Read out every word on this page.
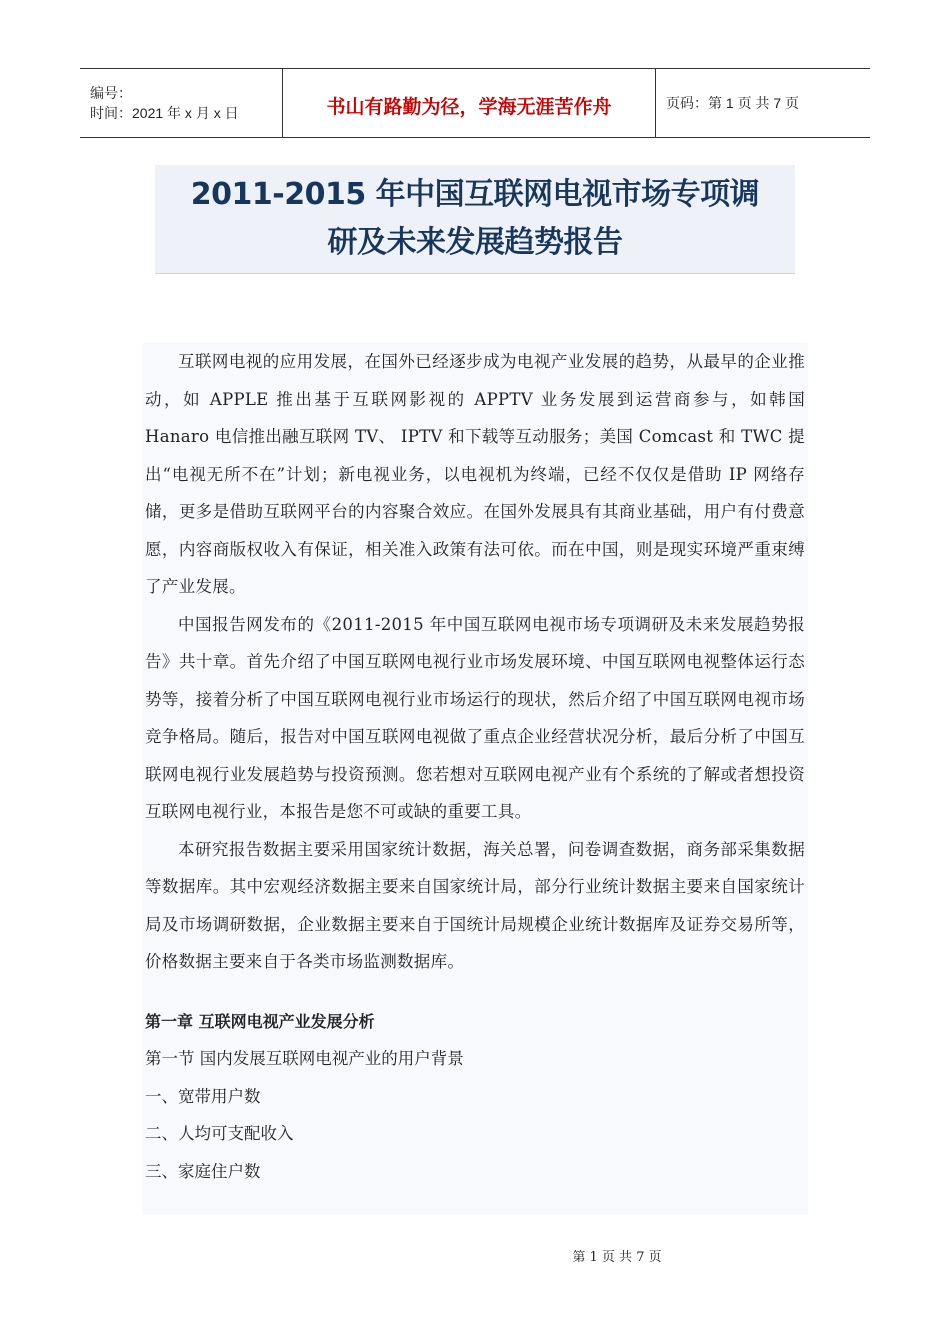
编号：
时间：2021 年 x 月 x 日	书山有路勤为径，学海无涯苦作舟	页码：第 1 页 共 7 页
2011-2015 年中国互联网电视市场专项调
研及未来发展趋势报告

互联网电视的应用发展，在国外已经逐步成为电视产业发展的趋势，从最早的企业推动，如 APPLE 推出基于互联网影视的 APPTV 业务发展到运营商参与，如韩国 Hanaro 电信推出融互联网 TV、 IPTV 和下载等互动服务；美国 Comcast 和 TWC 提出“电视无所不在”计划；新电视业务，以电视机为终端，已经不仅仅是借助 IP 网络存储，更多是借助互联网平台的内容聚合效应。在国外发展具有其商业基础，用户有付费意愿，内容商版权收入有保证，相关准入政策有法可依。而在中国，则是现实环境严重束缚了产业发展。

中国报告网发布的《2011-2015 年中国互联网电视市场专项调研及未来发展趋势报告》共十章。首先介绍了中国互联网电视行业市场发展环境、中国互联网电视整体运行态势等，接着分析了中国互联网电视行业市场运行的现状，然后介绍了中国互联网电视市场竞争格局。随后，报告对中国互联网电视做了重点企业经营状况分析，最后分析了中国互联网电视行业发展趋势与投资预测。您若想对互联网电视产业有个系统的了解或者想投资互联网电视行业，本报告是您不可或缺的重要工具。

本研究报告数据主要采用国家统计数据，海关总署，问卷调查数据，商务部采集数据等数据库。其中宏观经济数据主要来自国家统计局，部分行业统计数据主要来自国家统计局及市场调研数据，企业数据主要来自于国统计局规模企业统计数据库及证券交易所等，价格数据主要来自于各类市场监测数据库。

第一章 互联网电视产业发展分析
第一节 国内发展互联网电视产业的用户背景
一、宽带用户数
二、人均可支配收入
三、家庭住户数
第 1 页 共 7 页
